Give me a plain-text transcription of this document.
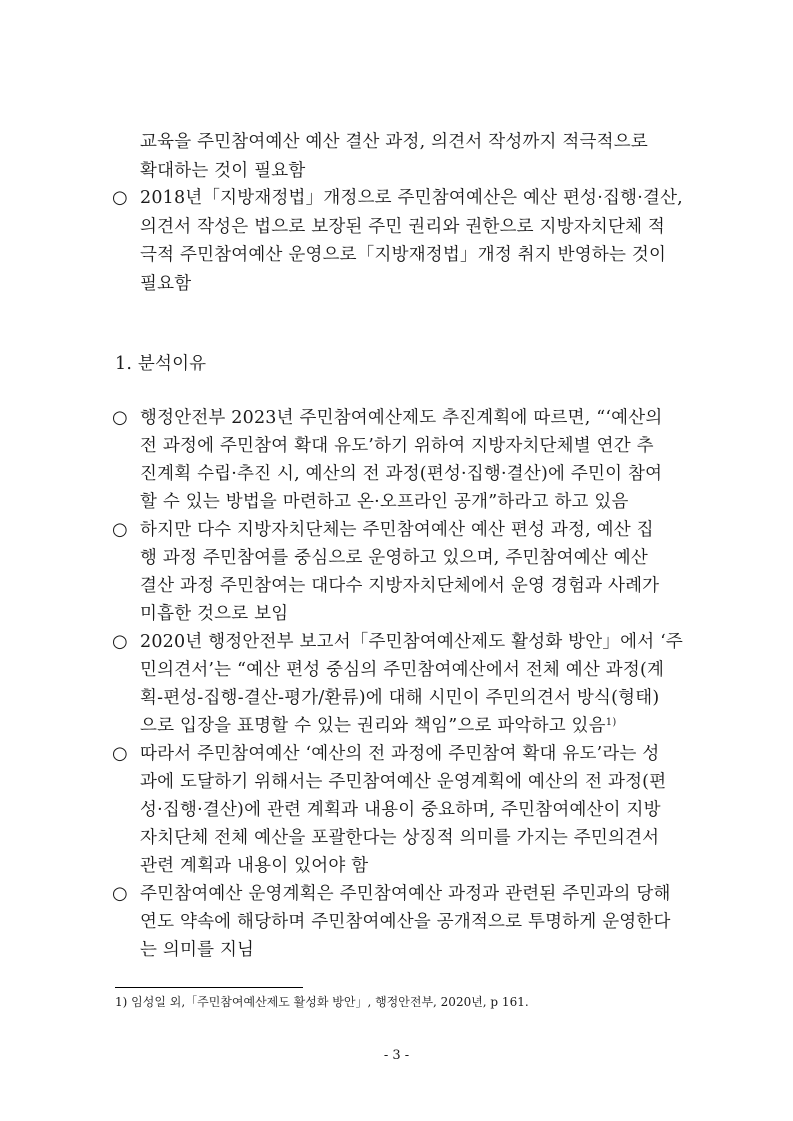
교육을 주민참여예산 예산 결산 과정, 의견서 작성까지 적극적으로
확대하는 것이 필요함
○ 2018년「지방재정법」개정으로 주민참여예산은 예산 편성·집행·결산,
의견서 작성은 법으로 보장된 주민 권리와 권한으로 지방자치단체 적
극적 주민참여예산 운영으로「지방재정법」개정 취지 반영하는 것이
필요함
1. 분석이유
○ 행정안전부 2023년 주민참여예산제도 추진계획에 따르면, “‘예산의
전 과정에 주민참여 확대 유도’하기 위하여 지방자치단체별 연간 추
진계획 수립·추진 시, 예산의 전 과정(편성·집행·결산)에 주민이 참여
할 수 있는 방법을 마련하고 온·오프라인 공개”하라고 하고 있음
○ 하지만 다수 지방자치단체는 주민참여예산 예산 편성 과정, 예산 집
행 과정 주민참여를 중심으로 운영하고 있으며, 주민참여예산 예산
결산 과정 주민참여는 대다수 지방자치단체에서 운영 경험과 사례가
미흡한 것으로 보임
○ 2020년 행정안전부 보고서「주민참여예산제도 활성화 방안」에서 ‘주
민의견서’는 “예산 편성 중심의 주민참여예산에서 전체 예산 과정(계
획-편성-집행-결산-평가/환류)에 대해 시민이 주민의견서 방식(형태)
으로 입장을 표명할 수 있는 권리와 책임”으로 파악하고 있음$^{1)}$
○ 따라서 주민참여예산 ‘예산의 전 과정에 주민참여 확대 유도’라는 성
과에 도달하기 위해서는 주민참여예산 운영계획에 예산의 전 과정(편
성·집행·결산)에 관련 계획과 내용이 중요하며, 주민참여예산이 지방
자치단체 전체 예산을 포괄한다는 상징적 의미를 가지는 주민의견서
관련 계획과 내용이 있어야 함
○ 주민참여예산 운영계획은 주민참여예산 과정과 관련된 주민과의 당해
연도 약속에 해당하며 주민참여예산을 공개적으로 투명하게 운영한다
는 의미를 지님
1) 임성일 외,「주민참여예산제도 활성화 방안」, 행정안전부, 2020년, p 161.
- 3 -
